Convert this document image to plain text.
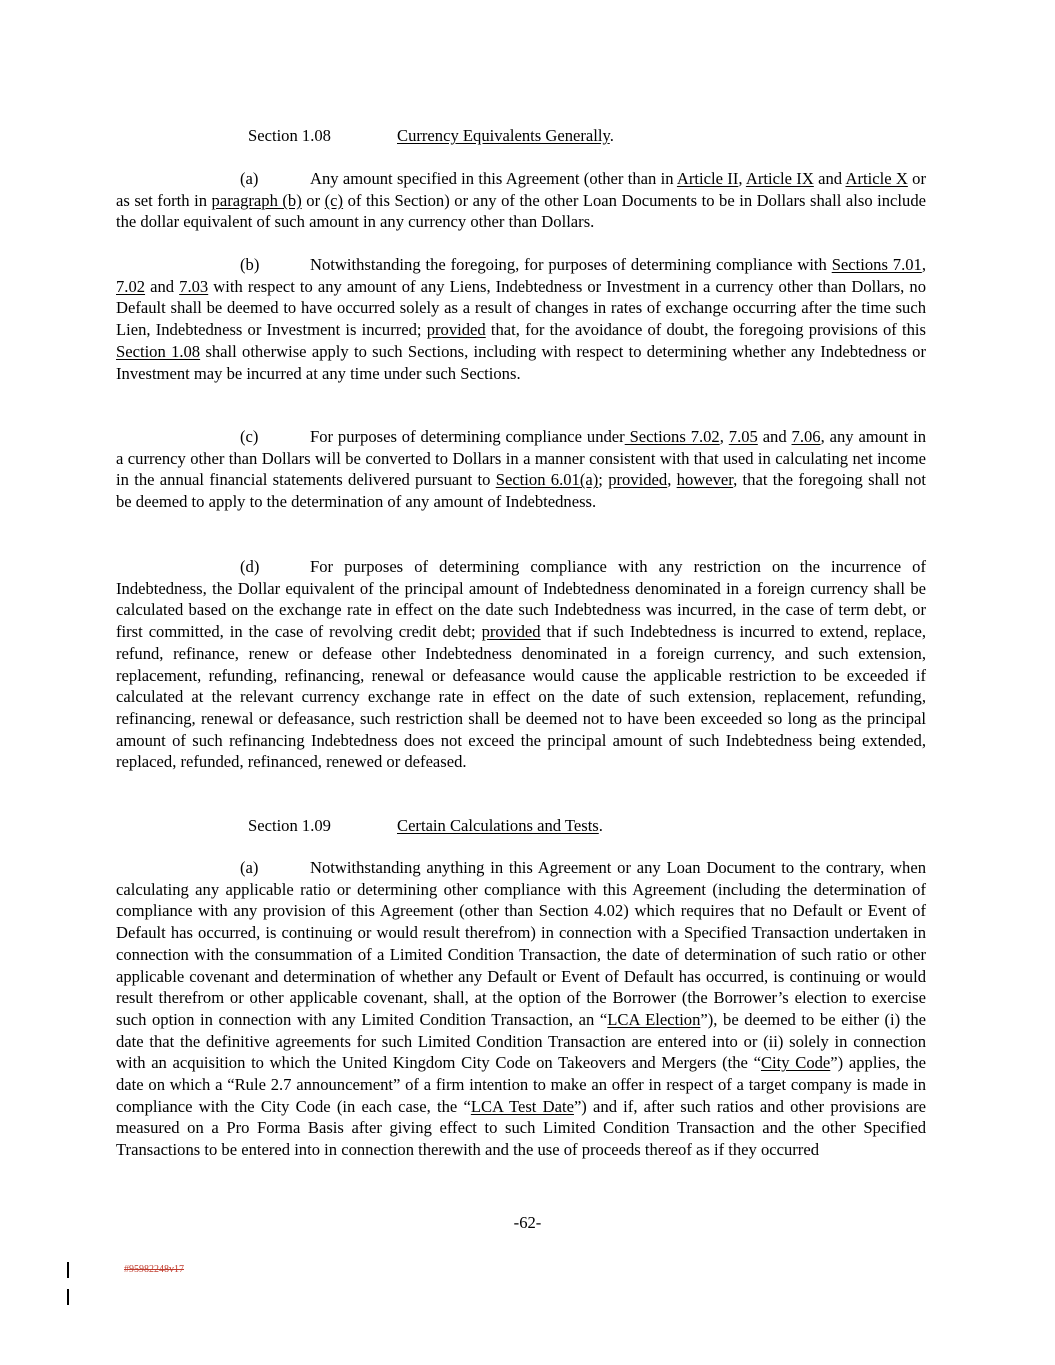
Section 1.08	Currency Equivalents Generally.
(a)	Any amount specified in this Agreement (other than in Article II, Article IX and Article X or as set forth in paragraph (b) or (c) of this Section) or any of the other Loan Documents to be in Dollars shall also include the dollar equivalent of such amount in any currency other than Dollars.
(b)	Notwithstanding the foregoing, for purposes of determining compliance with Sections 7.01, 7.02 and 7.03 with respect to any amount of any Liens, Indebtedness or Investment in a currency other than Dollars, no Default shall be deemed to have occurred solely as a result of changes in rates of exchange occurring after the time such Lien, Indebtedness or Investment is incurred; provided that, for the avoidance of doubt, the foregoing provisions of this Section 1.08 shall otherwise apply to such Sections, including with respect to determining whether any Indebtedness or Investment may be incurred at any time under such Sections.
(c)	For purposes of determining compliance under Sections 7.02, 7.05 and 7.06, any amount in a currency other than Dollars will be converted to Dollars in a manner consistent with that used in calculating net income in the annual financial statements delivered pursuant to Section 6.01(a); provided, however, that the foregoing shall not be deemed to apply to the determination of any amount of Indebtedness.
(d)	For purposes of determining compliance with any restriction on the incurrence of Indebtedness, the Dollar equivalent of the principal amount of Indebtedness denominated in a foreign currency shall be calculated based on the exchange rate in effect on the date such Indebtedness was incurred, in the case of term debt, or first committed, in the case of revolving credit debt; provided that if such Indebtedness is incurred to extend, replace, refund, refinance, renew or defease other Indebtedness denominated in a foreign currency, and such extension, replacement, refunding, refinancing, renewal or defeasance would cause the applicable restriction to be exceeded if calculated at the relevant currency exchange rate in effect on the date of such extension, replacement, refunding, refinancing, renewal or defeasance, such restriction shall be deemed not to have been exceeded so long as the principal amount of such refinancing Indebtedness does not exceed the principal amount of such Indebtedness being extended, replaced, refunded, refinanced, renewed or defeased.
Section 1.09	Certain Calculations and Tests.
(a)	Notwithstanding anything in this Agreement or any Loan Document to the contrary, when calculating any applicable ratio or determining other compliance with this Agreement (including the determination of compliance with any provision of this Agreement (other than Section 4.02) which requires that no Default or Event of Default has occurred, is continuing or would result therefrom) in connection with a Specified Transaction undertaken in connection with the consummation of a Limited Condition Transaction, the date of determination of such ratio or other applicable covenant and determination of whether any Default or Event of Default has occurred, is continuing or would result therefrom or other applicable covenant, shall, at the option of the Borrower (the Borrower’s election to exercise such option in connection with any Limited Condition Transaction, an “LCA Election”), be deemed to be either (i) the date that the definitive agreements for such Limited Condition Transaction are entered into or (ii) solely in connection with an acquisition to which the United Kingdom City Code on Takeovers and Mergers (the “City Code”) applies, the date on which a “Rule 2.7 announcement” of a firm intention to make an offer in respect of a target company is made in compliance with the City Code (in each case, the “LCA Test Date”) and if, after such ratios and other provisions are measured on a Pro Forma Basis after giving effect to such Limited Condition Transaction and the other Specified Transactions to be entered into in connection therewith and the use of proceeds thereof as if they occurred
-62-
#95982248v17
